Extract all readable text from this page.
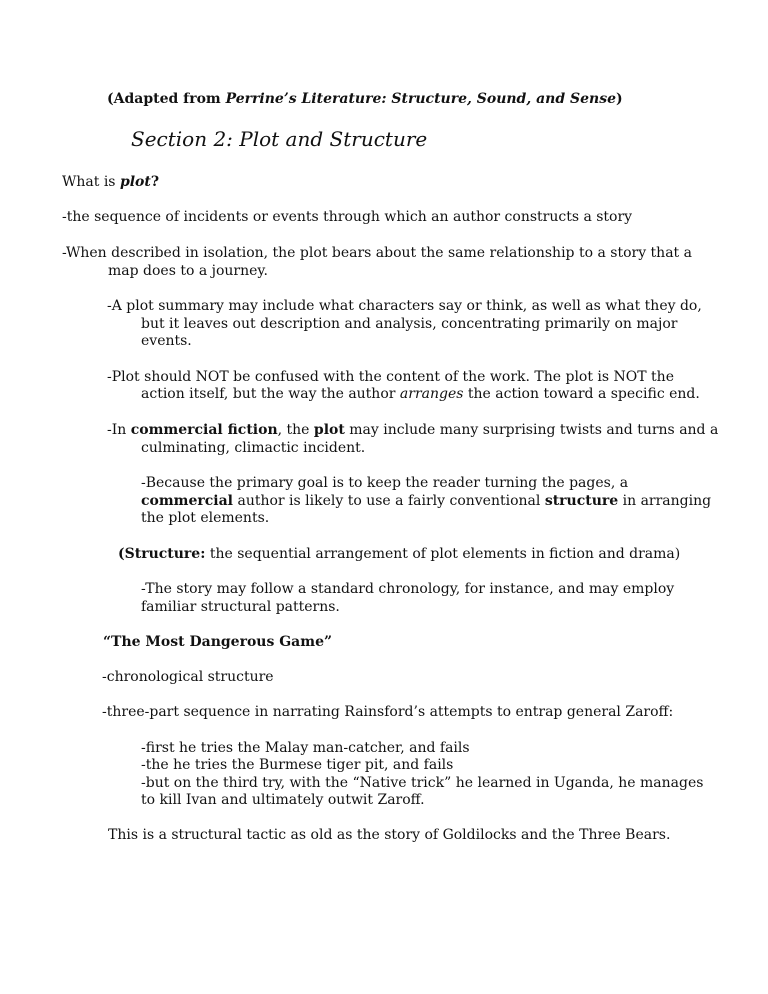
(Adapted from Perrine’s Literature: Structure, Sound, and Sense)

Section 2: Plot and Structure

What is plot?

-the sequence of incidents or events through which an author constructs a story

-When described in isolation, the plot bears about the same relationship to a story that a

map does to a journey.

-A plot summary may include what characters say or think, as well as what they do,

but it leaves out description and analysis, concentrating primarily on major

events.

-Plot should NOT be confused with the content of the work. The plot is NOT the

action itself, but the way the author arranges the action toward a specific end.

-In commercial fiction, the plot may include many surprising twists and turns and a

culminating, climactic incident.

-Because the primary goal is to keep the reader turning the pages, a

commercial author is likely to use a fairly conventional structure in arranging

the plot elements.

(Structure: the sequential arrangement of plot elements in fiction and drama)

-The story may follow a standard chronology, for instance, and may employ

familiar structural patterns.

“The Most Dangerous Game”

-chronological structure

-three-part sequence in narrating Rainsford’s attempts to entrap general Zaroff:

-first he tries the Malay man-catcher, and fails

-the he tries the Burmese tiger pit, and fails

-but on the third try, with the “Native trick” he learned in Uganda, he manages

to kill Ivan and ultimately outwit Zaroff.

This is a structural tactic as old as the story of Goldilocks and the Three Bears.
